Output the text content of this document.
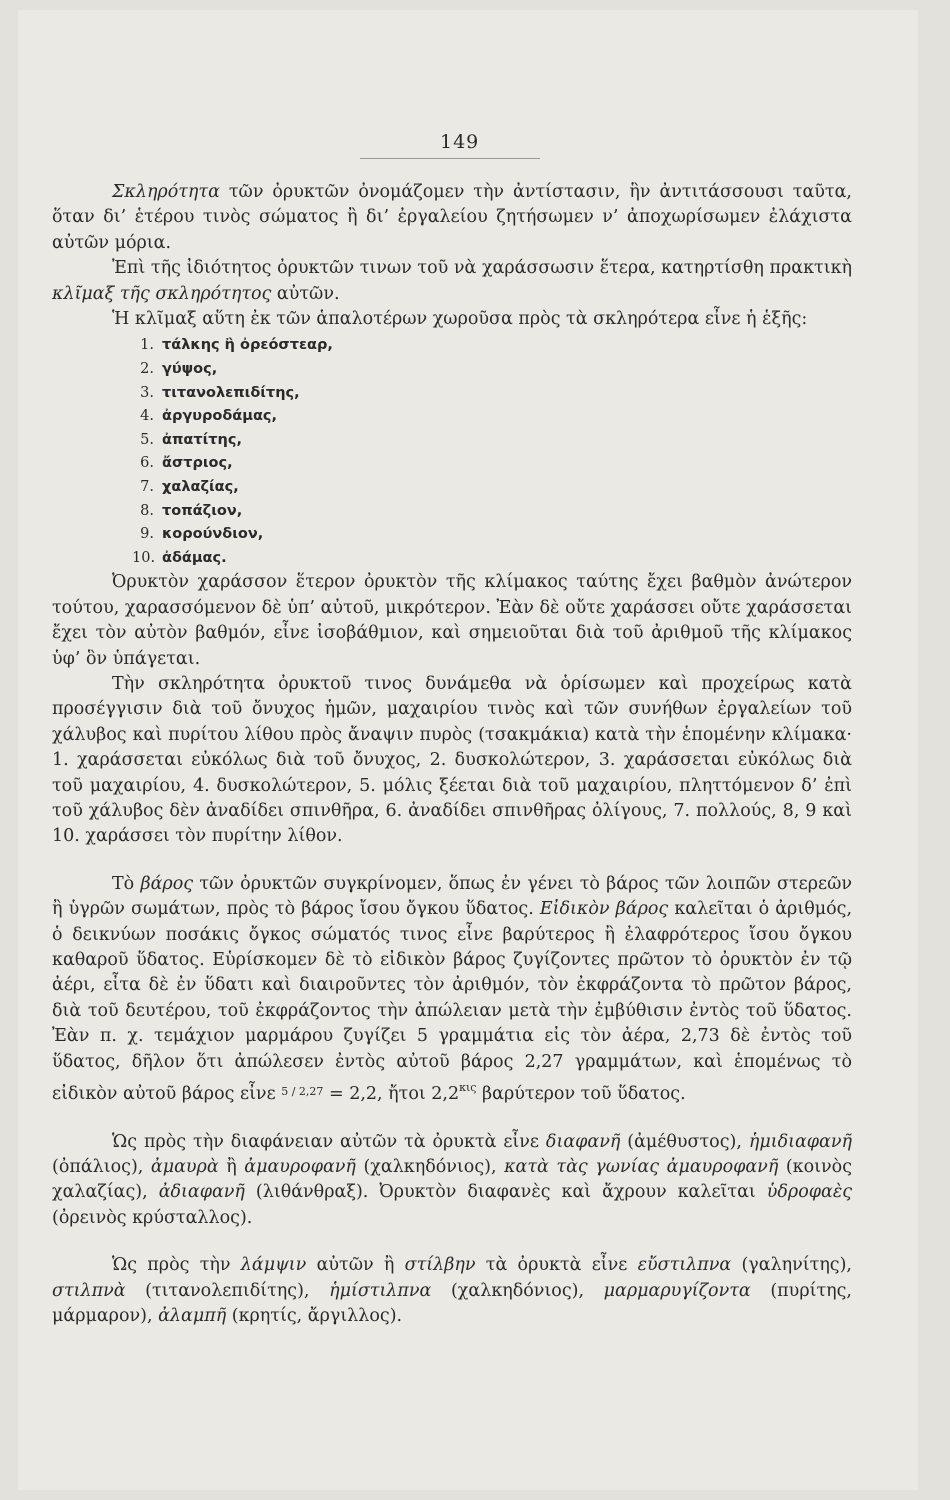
149

Σκληρότητα τῶν ὀρυκτῶν ὀνομάζομεν τὴν ἀντίστασιν, ἣν ἀντιτάσσουσι ταῦτα, ὅταν δι’ ἑτέρου τινὸς σώματος ἢ δι’ ἐργαλείου ζητήσωμεν ν’ ἀποχωρίσωμεν ἐλάχιστα αὐτῶν μόρια.

Ἐπὶ τῆς ἰδιότητος ὀρυκτῶν τινων τοῦ νὰ χαράσσωσιν ἕτερα, κατηρτίσθη πρακτικὴ κλῖμαξ τῆς σκληρότητος αὐτῶν.

Ἡ κλῖμαξ αὕτη ἐκ τῶν ἁπαλοτέρων χωροῦσα πρὸς τὰ σκληρότερα εἶνε ἡ ἑξῆς:

1. τάλκης ἢ ὀρεόστεαρ,
2. γύψος,
3. τιτανολεπιδίτης,
4. ἀργυροδάμας,
5. ἀπατίτης,
6. ἄστριος,
7. χαλαζίας,
8. τοπάζιον,
9. κορούνδιον,
10. ἀδάμας.

Ὀρυκτὸν χαράσσον ἕτερον ὀρυκτὸν τῆς κλίμακος ταύτης ἔχει βαθμὸν ἀνώτερον τούτου, χαρασσόμενον δὲ ὑπ’ αὐτοῦ, μικρότερον. Ἐὰν δὲ οὔτε χαράσσει οὔτε χαράσσεται ἔχει τὸν αὐτὸν βαθμόν, εἶνε ἰσοβάθμιον, καὶ σημειοῦται διὰ τοῦ ἀριθμοῦ τῆς κλίμακος ὑφ’ ὃν ὑπάγεται.

Τὴν σκληρότητα ὀρυκτοῦ τινος δυνάμεθα νὰ ὁρίσωμεν καὶ προχείρως κατὰ προσέγγισιν διὰ τοῦ ὄνυχος ἡμῶν, μαχαιρίου τινὸς καὶ τῶν συνήθων ἐργαλείων τοῦ χάλυβος καὶ πυρίτου λίθου πρὸς ἄναψιν πυρὸς (τσακμάκια) κατὰ τὴν ἑπομένην κλίμακα· 1. χαράσσεται εὐκόλως διὰ τοῦ ὄνυχος, 2. δυσκολώτερον, 3. χαράσσεται εὐκόλως διὰ τοῦ μαχαιρίου, 4. δυσκολώτερον, 5. μόλις ξέεται διὰ τοῦ μαχαιρίου, πληττόμενον δ’ ἐπὶ τοῦ χάλυβος δὲν ἀναδίδει σπινθῆρα, 6. ἀναδίδει σπινθῆρας ὀλίγους, 7. πολλούς, 8, 9 καὶ 10. χαράσσει τὸν πυρίτην λίθον.

Τὸ βάρος τῶν ὀρυκτῶν συγκρίνομεν, ὅπως ἐν γένει τὸ βάρος τῶν λοιπῶν στερεῶν ἢ ὑγρῶν σωμάτων, πρὸς τὸ βάρος ἴσου ὄγκου ὕδατος. Εἰδικὸν βάρος καλεῖται ὁ ἀριθμός, ὁ δεικνύων ποσάκις ὄγκος σώματός τινος εἶνε βαρύτερος ἢ ἐλαφρότερος ἴσου ὄγκου καθαροῦ ὕδατος. Εὑρίσκομεν δὲ τὸ εἰδικὸν βάρος ζυγίζοντες πρῶτον τὸ ὀρυκτὸν ἐν τῷ ἀέρι, εἶτα δὲ ἐν ὕδατι καὶ διαιροῦντες τὸν ἀριθμόν, τὸν ἐκφράζοντα τὸ πρῶτον βάρος, διὰ τοῦ δευτέρου, τοῦ ἐκφράζοντος τὴν ἀπώλειαν μετὰ τὴν ἐμβύθισιν ἐντὸς τοῦ ὕδατος. Ἐὰν π. χ. τεμάχιον μαρμάρου ζυγίζει 5 γραμμάτια εἰς τὸν ἀέρα, 2,73 δὲ ἐντὸς τοῦ ὕδατος, δῆλον ὅτι ἀπώλεσεν ἐντὸς αὐτοῦ βάρος 2,27 γραμμάτων, καὶ ἑπομένως τὸ εἰδικὸν αὐτοῦ βάρος εἶνε $^{5 / 2,27}$ = 2,2, ἤτοι $2,2^{\kappa\iota\varsigma}$ βαρύτερον τοῦ ὕδατος.

Ὡς πρὸς τὴν διαφάνειαν αὐτῶν τὰ ὀρυκτὰ εἶνε διαφανῆ (ἀμέθυστος), ἡμιδιαφανῆ (ὀπάλιος), ἀμαυρὰ ἢ ἀμαυροφανῆ (χαλκηδόνιος), κατὰ τὰς γωνίας ἀμαυροφανῆ (κοινὸς χαλαζίας), ἀδιαφανῆ (λιθάνθραξ). Ὀρυκτὸν διαφανὲς καὶ ἄχρουν καλεῖται ὑδροφαὲς (ὀρεινὸς κρύσταλλος).

Ὡς πρὸς τὴν λάμψιν αὐτῶν ἢ στίλβην τὰ ὀρυκτὰ εἶνε εὔστιλπνα (γαληνίτης), στιλπνὰ (τιτανολεπιδίτης), ἡμίστιλπνα (χαλκηδόνιος), μαρμαρυγίζοντα (πυρίτης, μάρμαρον), ἀλαμπῆ (κρητίς, ἄργιλλος).
